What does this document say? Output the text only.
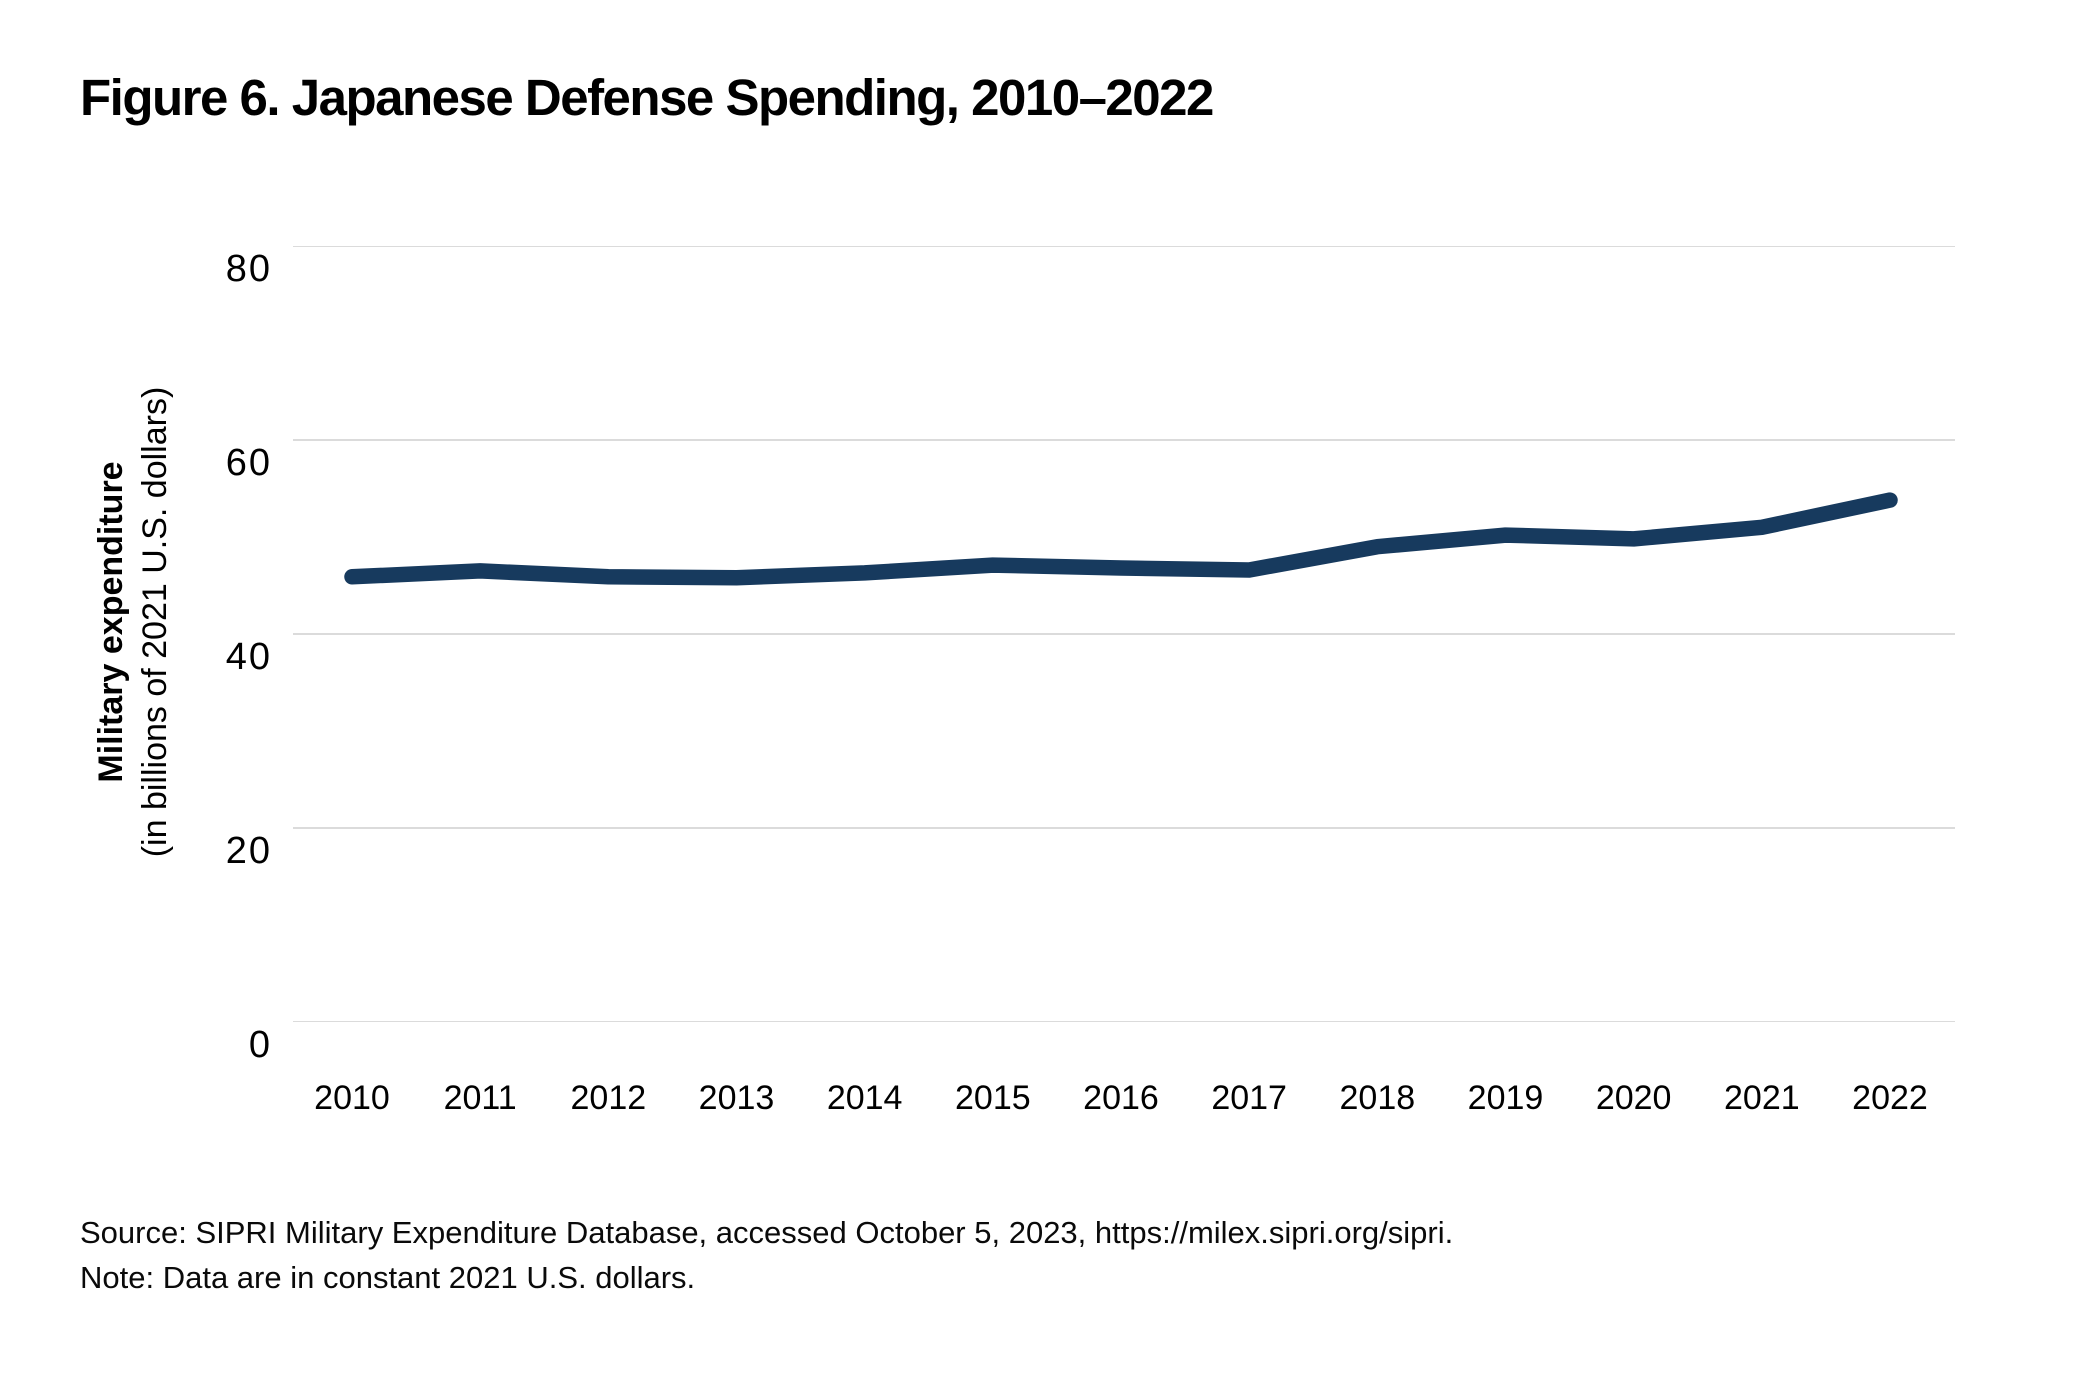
Figure 6. Japanese Defense Spending, 2010–2022
Military expenditure (in billions of 2021 U.S. dollars)
80
60
40
20
0
2010	2011	2012	2013	2014	2015	2016	2017	2018	2019	2020	2021	2022
Source: SIPRI Military Expenditure Database, accessed October 5, 2023, https://milex.sipri.org/sipri.
Note: Data are in constant 2021 U.S. dollars.
